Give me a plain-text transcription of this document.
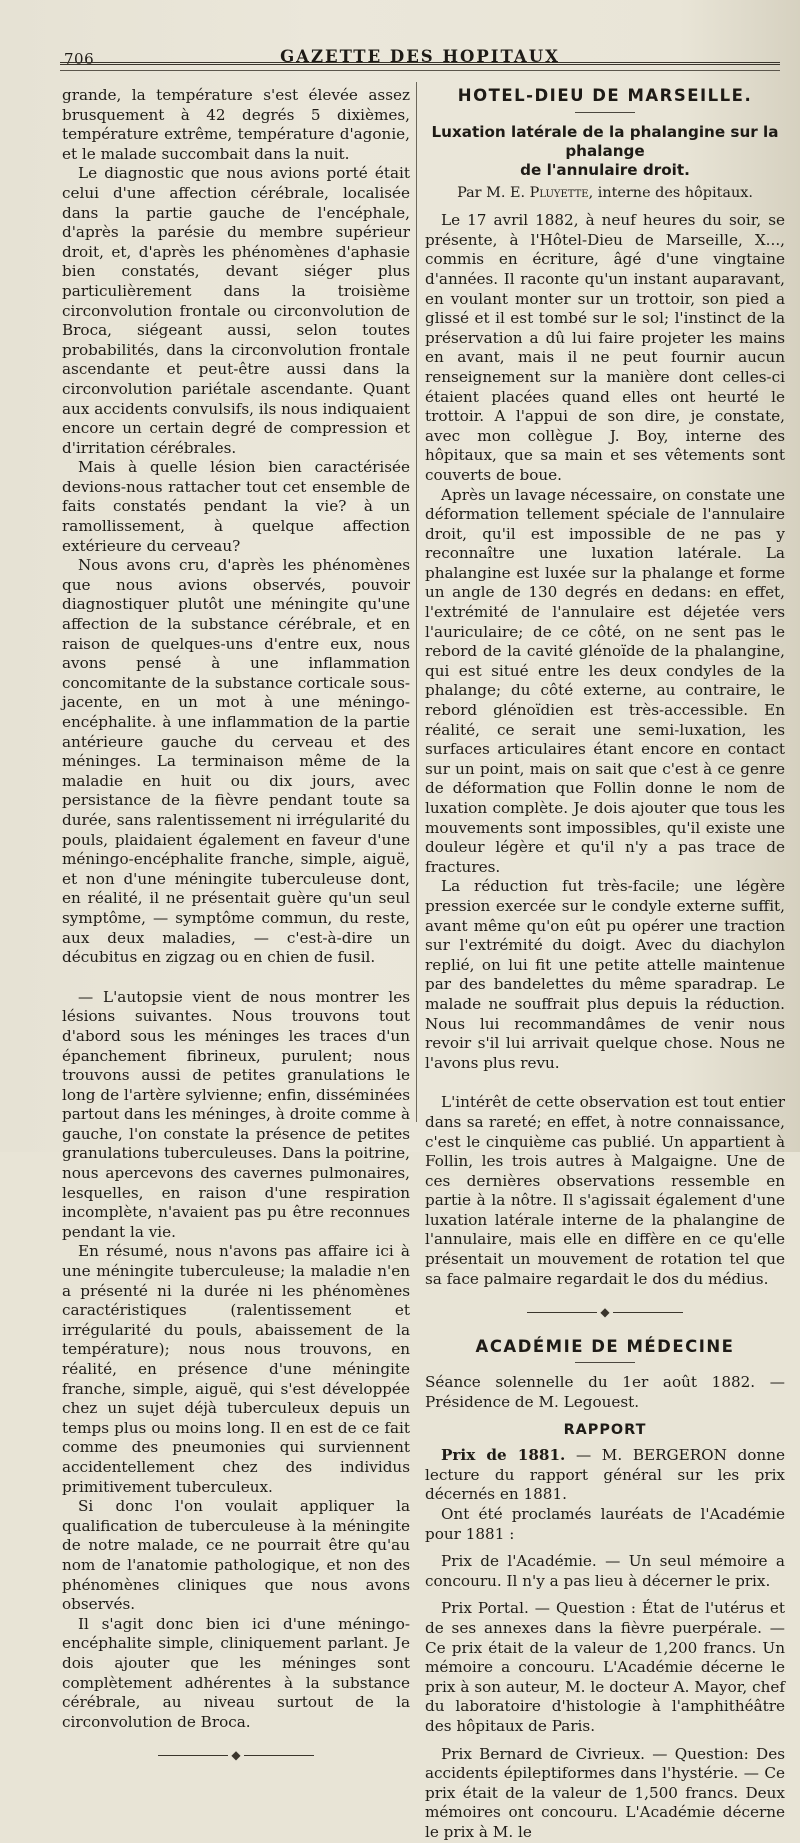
706	GAZETTE DES HOPITAUX

grande, la température s'est élevée assez brusquement à 42 degrés 5 dixièmes, température extrême, température d'agonie, et le malade succombait dans la nuit.

Le diagnostic que nous avions porté était celui d'une affection cérébrale, localisée dans la partie gauche de l'encéphale, d'après la parésie du membre supérieur droit, et, d'après les phénomènes d'aphasie bien constatés, devant siéger plus particulièrement dans la troisième circonvolution frontale ou circonvolution de Broca, siégeant aussi, selon toutes probabilités, dans la circonvolution frontale ascendante et peut-être aussi dans la circonvolution pariétale ascendante. Quant aux accidents convulsifs, ils nous indiquaient encore un certain degré de compression et d'irritation cérébrales.

Mais à quelle lésion bien caractérisée devions-nous rattacher tout cet ensemble de faits constatés pendant la vie? à un ramollissement, à quelque affection extérieure du cerveau?

Nous avons cru, d'après les phénomènes que nous avions observés, pouvoir diagnostiquer plutôt une méningite qu'une affection de la substance cérébrale, et en raison de quelques-uns d'entre eux, nous avons pensé à une inflammation concomitante de la substance corticale sous-jacente, en un mot à une méningo-encéphalite. à une inflammation de la partie antérieure gauche du cerveau et des méninges. La terminaison même de la maladie en huit ou dix jours, avec persistance de la fièvre pendant toute sa durée, sans ralentissement ni irrégularité du pouls, plaidaient également en faveur d'une méningo-encéphalite franche, simple, aiguë, et non d'une méningite tuberculeuse dont, en réalité, il ne présentait guère qu'un seul symptôme, — symptôme commun, du reste, aux deux maladies, — c'est-à-dire un décubitus en zigzag ou en chien de fusil.

— L'autopsie vient de nous montrer les lésions suivantes. Nous trouvons tout d'abord sous les méninges les traces d'un épanchement fibrineux, purulent; nous trouvons aussi de petites granulations le long de l'artère sylvienne; enfin, disséminées partout dans les méninges, à droite comme à gauche, l'on constate la présence de petites granulations tuberculeuses. Dans la poitrine, nous apercevons des cavernes pulmonaires, lesquelles, en raison d'une respiration incomplète, n'avaient pas pu être reconnues pendant la vie.

En résumé, nous n'avons pas affaire ici à une méningite tuberculeuse; la maladie n'en a présenté ni la durée ni les phénomènes caractéristiques (ralentissement et irrégularité du pouls, abaissement de la température); nous nous trouvons, en réalité, en présence d'une méningite franche, simple, aiguë, qui s'est développée chez un sujet déjà tuberculeux depuis un temps plus ou moins long. Il en est de ce fait comme des pneumonies qui surviennent accidentellement chez des individus primitivement tuberculeux.

Si donc l'on voulait appliquer la qualification de tuberculeuse à la méningite de notre malade, ce ne pourrait être qu'au nom de l'anatomie pathologique, et non des phénomènes cliniques que nous avons observés.

Il s'agit donc bien ici d'une méningo-encéphalite simple, cliniquement parlant. Je dois ajouter que les méninges sont complètement adhérentes à la substance cérébrale, au niveau surtout de la circonvolution de Broca.

◆
HOTEL-DIEU DE MARSEILLE.
Luxation latérale de la phalangine sur la phalange
de l'annulaire droit.
Par M. E. Pluyette, interne des hôpitaux.

Le 17 avril 1882, à neuf heures du soir, se présente, à l'Hôtel-Dieu de Marseille, X..., commis en écriture, âgé d'une vingtaine d'années. Il raconte qu'un instant auparavant, en voulant monter sur un trottoir, son pied a glissé et il est tombé sur le sol; l'instinct de la préservation a dû lui faire projeter les mains en avant, mais il ne peut fournir aucun renseignement sur la manière dont celles-ci étaient placées quand elles ont heurté le trottoir. A l'appui de son dire, je constate, avec mon collègue J. Boy, interne des hôpitaux, que sa main et ses vêtements sont couverts de boue.

Après un lavage nécessaire, on constate une déformation tellement spéciale de l'annulaire droit, qu'il est impossible de ne pas y reconnaître une luxation latérale. La phalangine est luxée sur la phalange et forme un angle de 130 degrés en dedans: en effet, l'extrémité de l'annulaire est déjetée vers l'auriculaire; de ce côté, on ne sent pas le rebord de la cavité glénoïde de la phalangine, qui est situé entre les deux condyles de la phalange; du côté externe, au contraire, le rebord glénoïdien est très-accessible. En réalité, ce serait une semi-luxation, les surfaces articulaires étant encore en contact sur un point, mais on sait que c'est à ce genre de déformation que Follin donne le nom de luxation complète. Je dois ajouter que tous les mouvements sont impossibles, qu'il existe une douleur légère et qu'il n'y a pas trace de fractures.

La réduction fut très-facile; une légère pression exercée sur le condyle externe suffit, avant même qu'on eût pu opérer une traction sur l'extrémité du doigt. Avec du diachylon replié, on lui fit une petite attelle maintenue par des bandelettes du même sparadrap. Le malade ne souffrait plus depuis la réduction. Nous lui recommandâmes de venir nous revoir s'il lui arrivait quelque chose. Nous ne l'avons plus revu.

L'intérêt de cette observation est tout entier dans sa rareté; en effet, à notre connaissance, c'est le cinquième cas publié. Un appartient à Follin, les trois autres à Malgaigne. Une de ces dernières observations ressemble en partie à la nôtre. Il s'agissait également d'une luxation latérale interne de la phalangine de l'annulaire, mais elle en diffère en ce qu'elle présentait un mouvement de rotation tel que sa face palmaire regardait le dos du médius.

◆
ACADÉMIE DE MÉDECINE

Séance solennelle du 1er août 1882. — Présidence de M. Legouest.

RAPPORT

Prix de 1881. — M. BERGERON donne lecture du rapport général sur les prix décernés en 1881.

Ont été proclamés lauréats de l'Académie pour 1881 :

Prix de l'Académie. — Un seul mémoire a concouru. Il n'y a pas lieu à décerner le prix.

Prix Portal. — Question : État de l'utérus et de ses annexes dans la fièvre puerpérale. — Ce prix était de la valeur de 1,200 francs. Un mémoire a concouru. L'Académie décerne le prix à son auteur, M. le docteur A. Mayor, chef du laboratoire d'histologie à l'amphithéâtre des hôpitaux de Paris.

Prix Bernard de Civrieux. — Question: Des accidents épileptiformes dans l'hystérie. — Ce prix était de la valeur de 1,500 francs. Deux mémoires ont concouru. L'Académie décerne le prix à M. le
